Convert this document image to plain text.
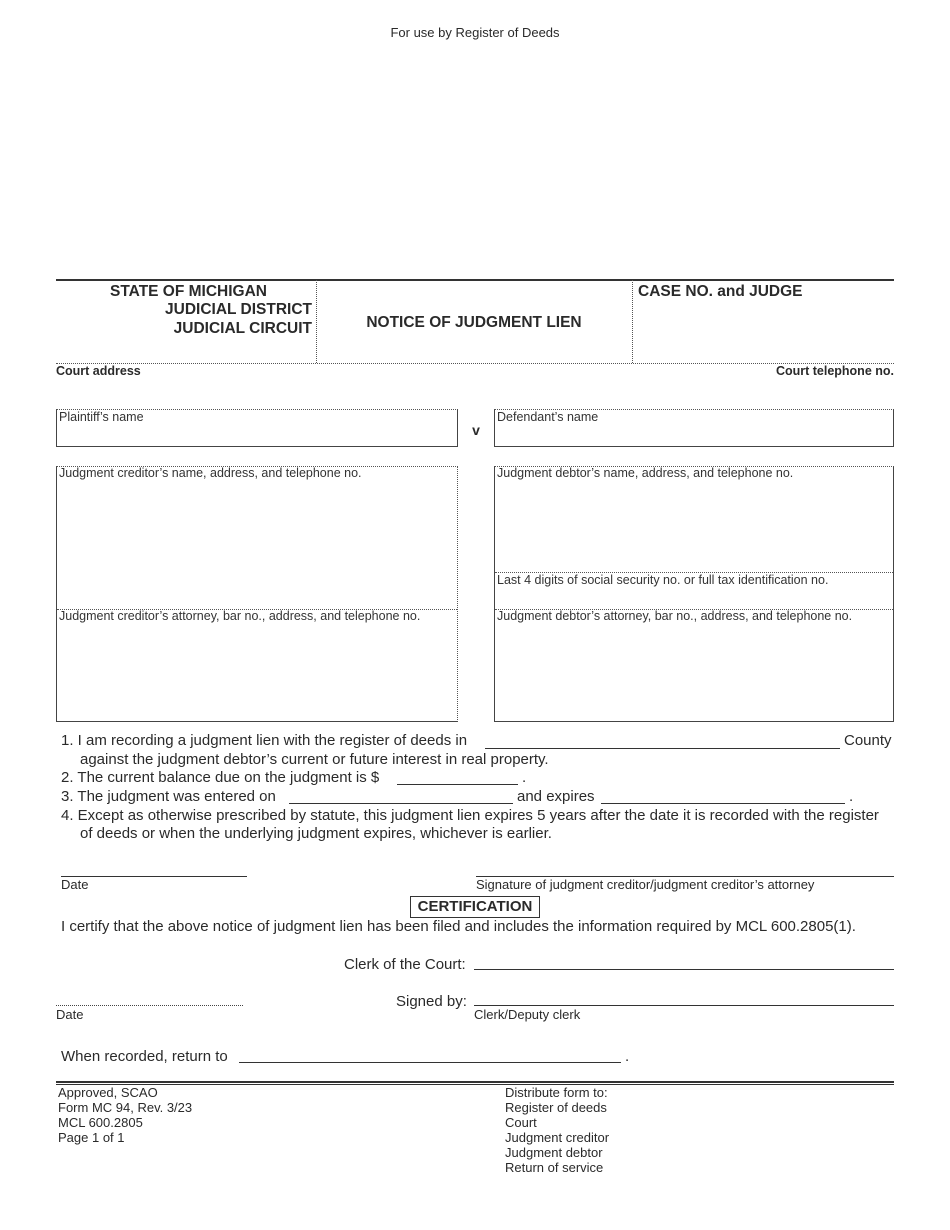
For use by Register of Deeds
STATE OF MICHIGAN
JUDICIAL DISTRICT
JUDICIAL CIRCUIT	NOTICE OF JUDGMENT LIEN
CASE NO. and JUDGE
Court address	Court telephone no.
Plaintiff’s name
v
Defendant’s name
Judgment creditor’s name, address, and telephone no.
Judgment creditor’s attorney, bar no., address, and telephone no.
Judgment debtor’s name, address, and telephone no.
Last 4 digits of social security no. or full tax identification no.
Judgment debtor’s attorney, bar no., address, and telephone no.
1. I am recording a judgment lien with the register of deeds in	County
against the judgment debtor’s current or future interest in real property.
2. The current balance due on the judgment is $	.
3. The judgment was entered on	and expires	.
4. Except as otherwise prescribed by statute, this judgment lien expires 5 years after the date it is recorded with the register
of deeds or when the underlying judgment expires, whichever is earlier.
Date	Signature of judgment creditor/judgment creditor’s attorney
CERTIFICATION
I certify that the above notice of judgment lien has been filed and includes the information required by MCL 600.2805(1).
Clerk of the Court:
Date
Signed by:
Clerk/Deputy clerk
When recorded, return to	.
Approved, SCAO
Form MC 94, Rev. 3/23
MCL 600.2805
Page 1 of 1
Distribute form to:
Register of deeds
Court
Judgment creditor
Judgment debtor
Return of service
